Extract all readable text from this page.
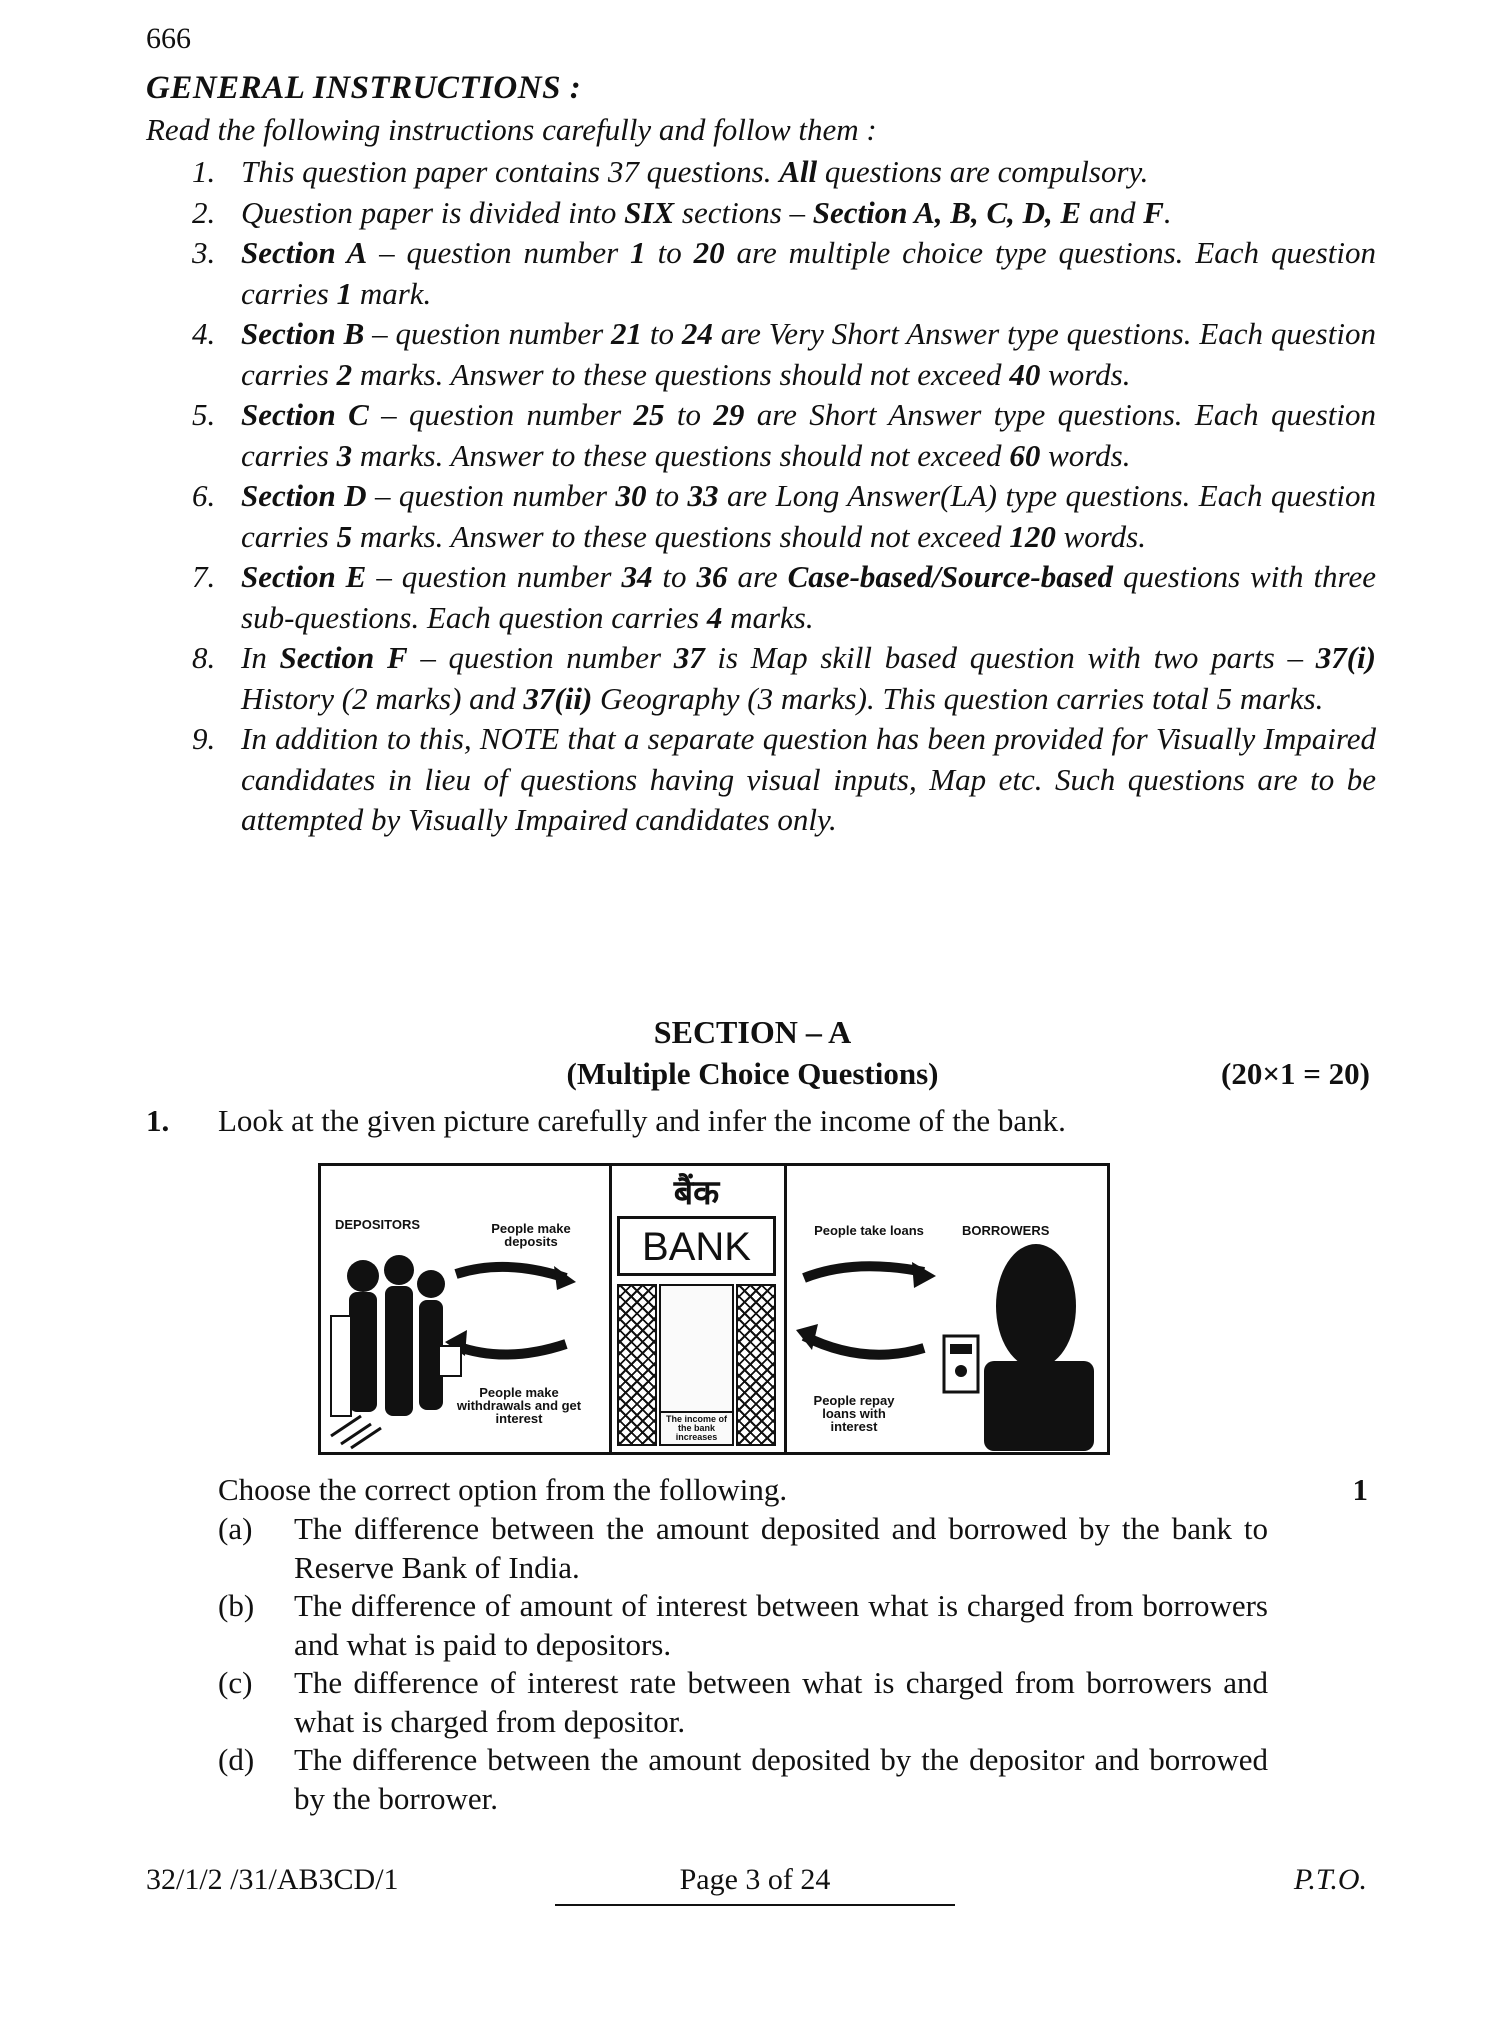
666
GENERAL INSTRUCTIONS :
Read the following instructions carefully and follow them :
1. This question paper contains 37 questions. All questions are compulsory.
2. Question paper is divided into SIX sections – Section A, B, C, D, E and F.
3. Section A – question number 1 to 20 are multiple choice type questions. Each question carries 1 mark.
4. Section B – question number 21 to 24 are Very Short Answer type questions. Each question carries 2 marks. Answer to these questions should not exceed 40 words.
5. Section C – question number 25 to 29 are Short Answer type questions. Each question carries 3 marks. Answer to these questions should not exceed 60 words.
6. Section D – question number 30 to 33 are Long Answer(LA) type questions. Each question carries 5 marks. Answer to these questions should not exceed 120 words.
7. Section E – question number 34 to 36 are Case-based/Source-based questions with three sub-questions. Each question carries 4 marks.
8. In Section F – question number 37 is Map skill based question with two parts – 37(i) History (2 marks) and 37(ii) Geography (3 marks). This question carries total 5 marks.
9. In addition to this, NOTE that a separate question has been provided for Visually Impaired candidates in lieu of questions having visual inputs, Map etc. Such questions are to be attempted by Visually Impaired candidates only.
SECTION – A
(Multiple Choice Questions)	(20×1 = 20)
1. Look at the given picture carefully and infer the income of the bank.
DEPOSITORS	People make deposits
People make withdrawals and get interest
बैंक
BANK
The income of the bank increases
People take loans	BORROWERS
People repay loans with interest
Choose the correct option from the following.	1
(a) The difference between the amount deposited and borrowed by the bank to Reserve Bank of India.
(b) The difference of amount of interest between what is charged from borrowers and what is paid to depositors.
(c) The difference of interest rate between what is charged from borrowers and what is charged from depositor.
(d) The difference between the amount deposited by the depositor and borrowed by the borrower.
32/1/2 /31/AB3CD/1	Page 3 of 24	P.T.O.
